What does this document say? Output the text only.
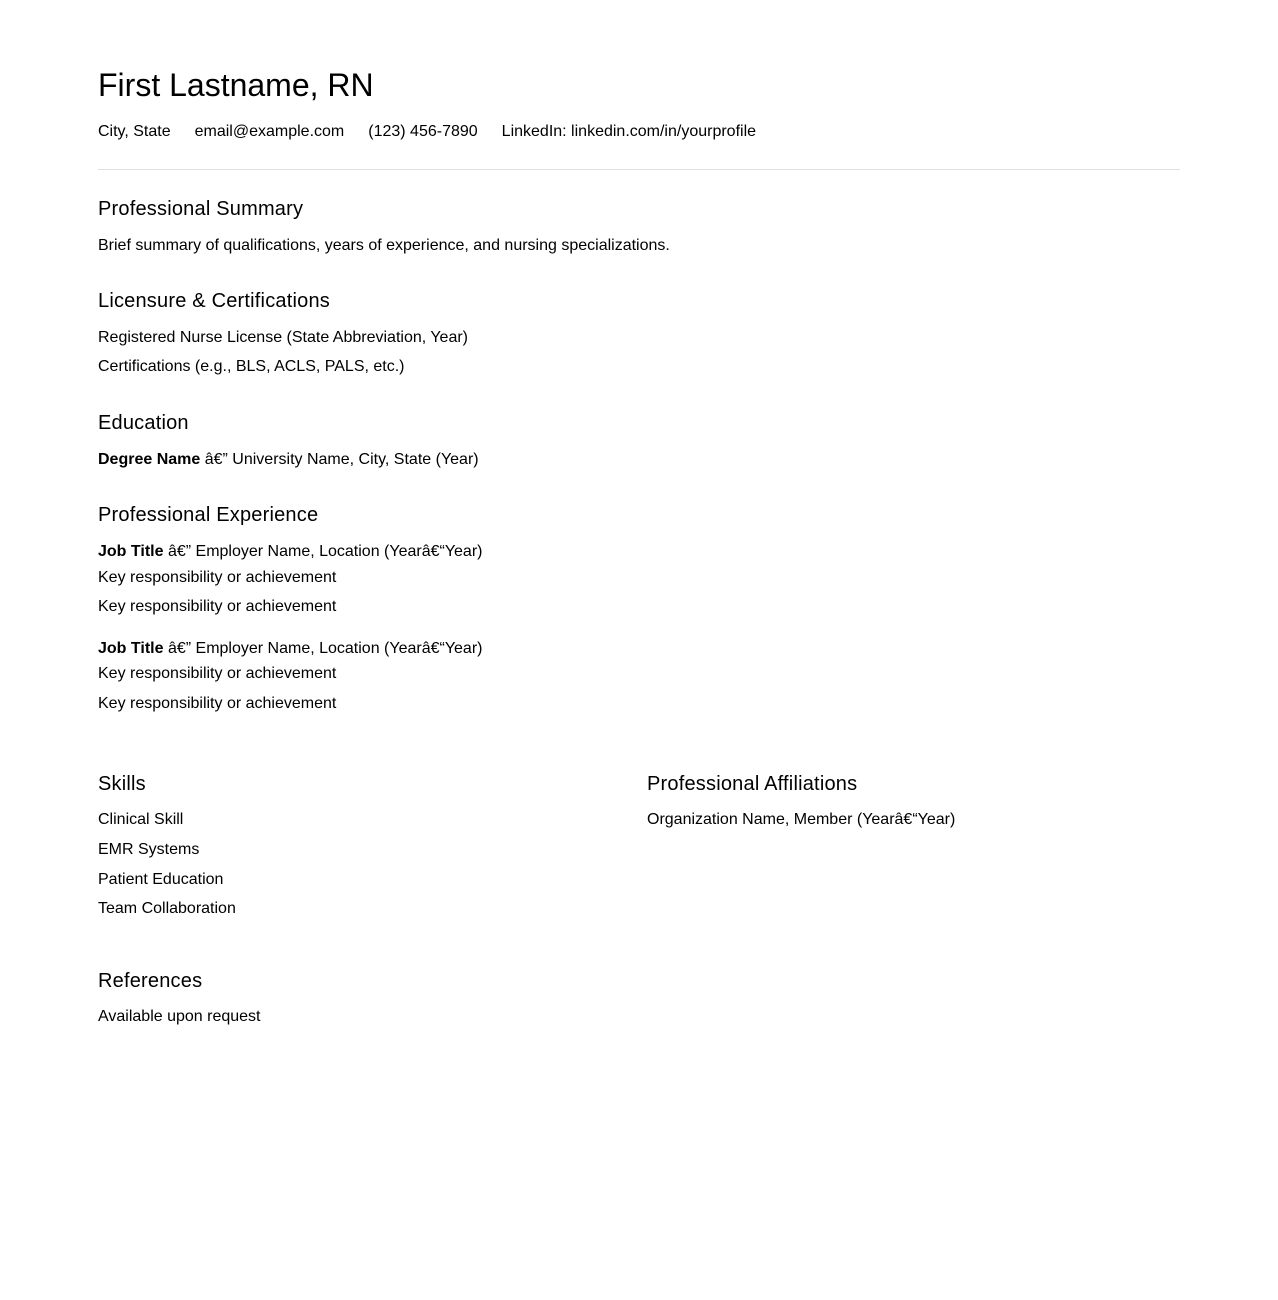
First Lastname, RN
City, State email@example.com (123) 456-7890 LinkedIn: linkedin.com/in/yourprofile
Professional Summary
Brief summary of qualifications, years of experience, and nursing specializations.
Licensure & Certifications
Registered Nurse License (State Abbreviation, Year)
Certifications (e.g., BLS, ACLS, PALS, etc.)
Education
Degree Name â€” University Name, City, State (Year)
Professional Experience
Job Title â€” Employer Name, Location (Yearâ€“Year)
Key responsibility or achievement
Key responsibility or achievement
Job Title â€” Employer Name, Location (Yearâ€“Year)
Key responsibility or achievement
Key responsibility or achievement
Skills
Clinical Skill
EMR Systems
Patient Education
Team Collaboration
Professional Affiliations
Organization Name, Member (Yearâ€“Year)
References
Available upon request
